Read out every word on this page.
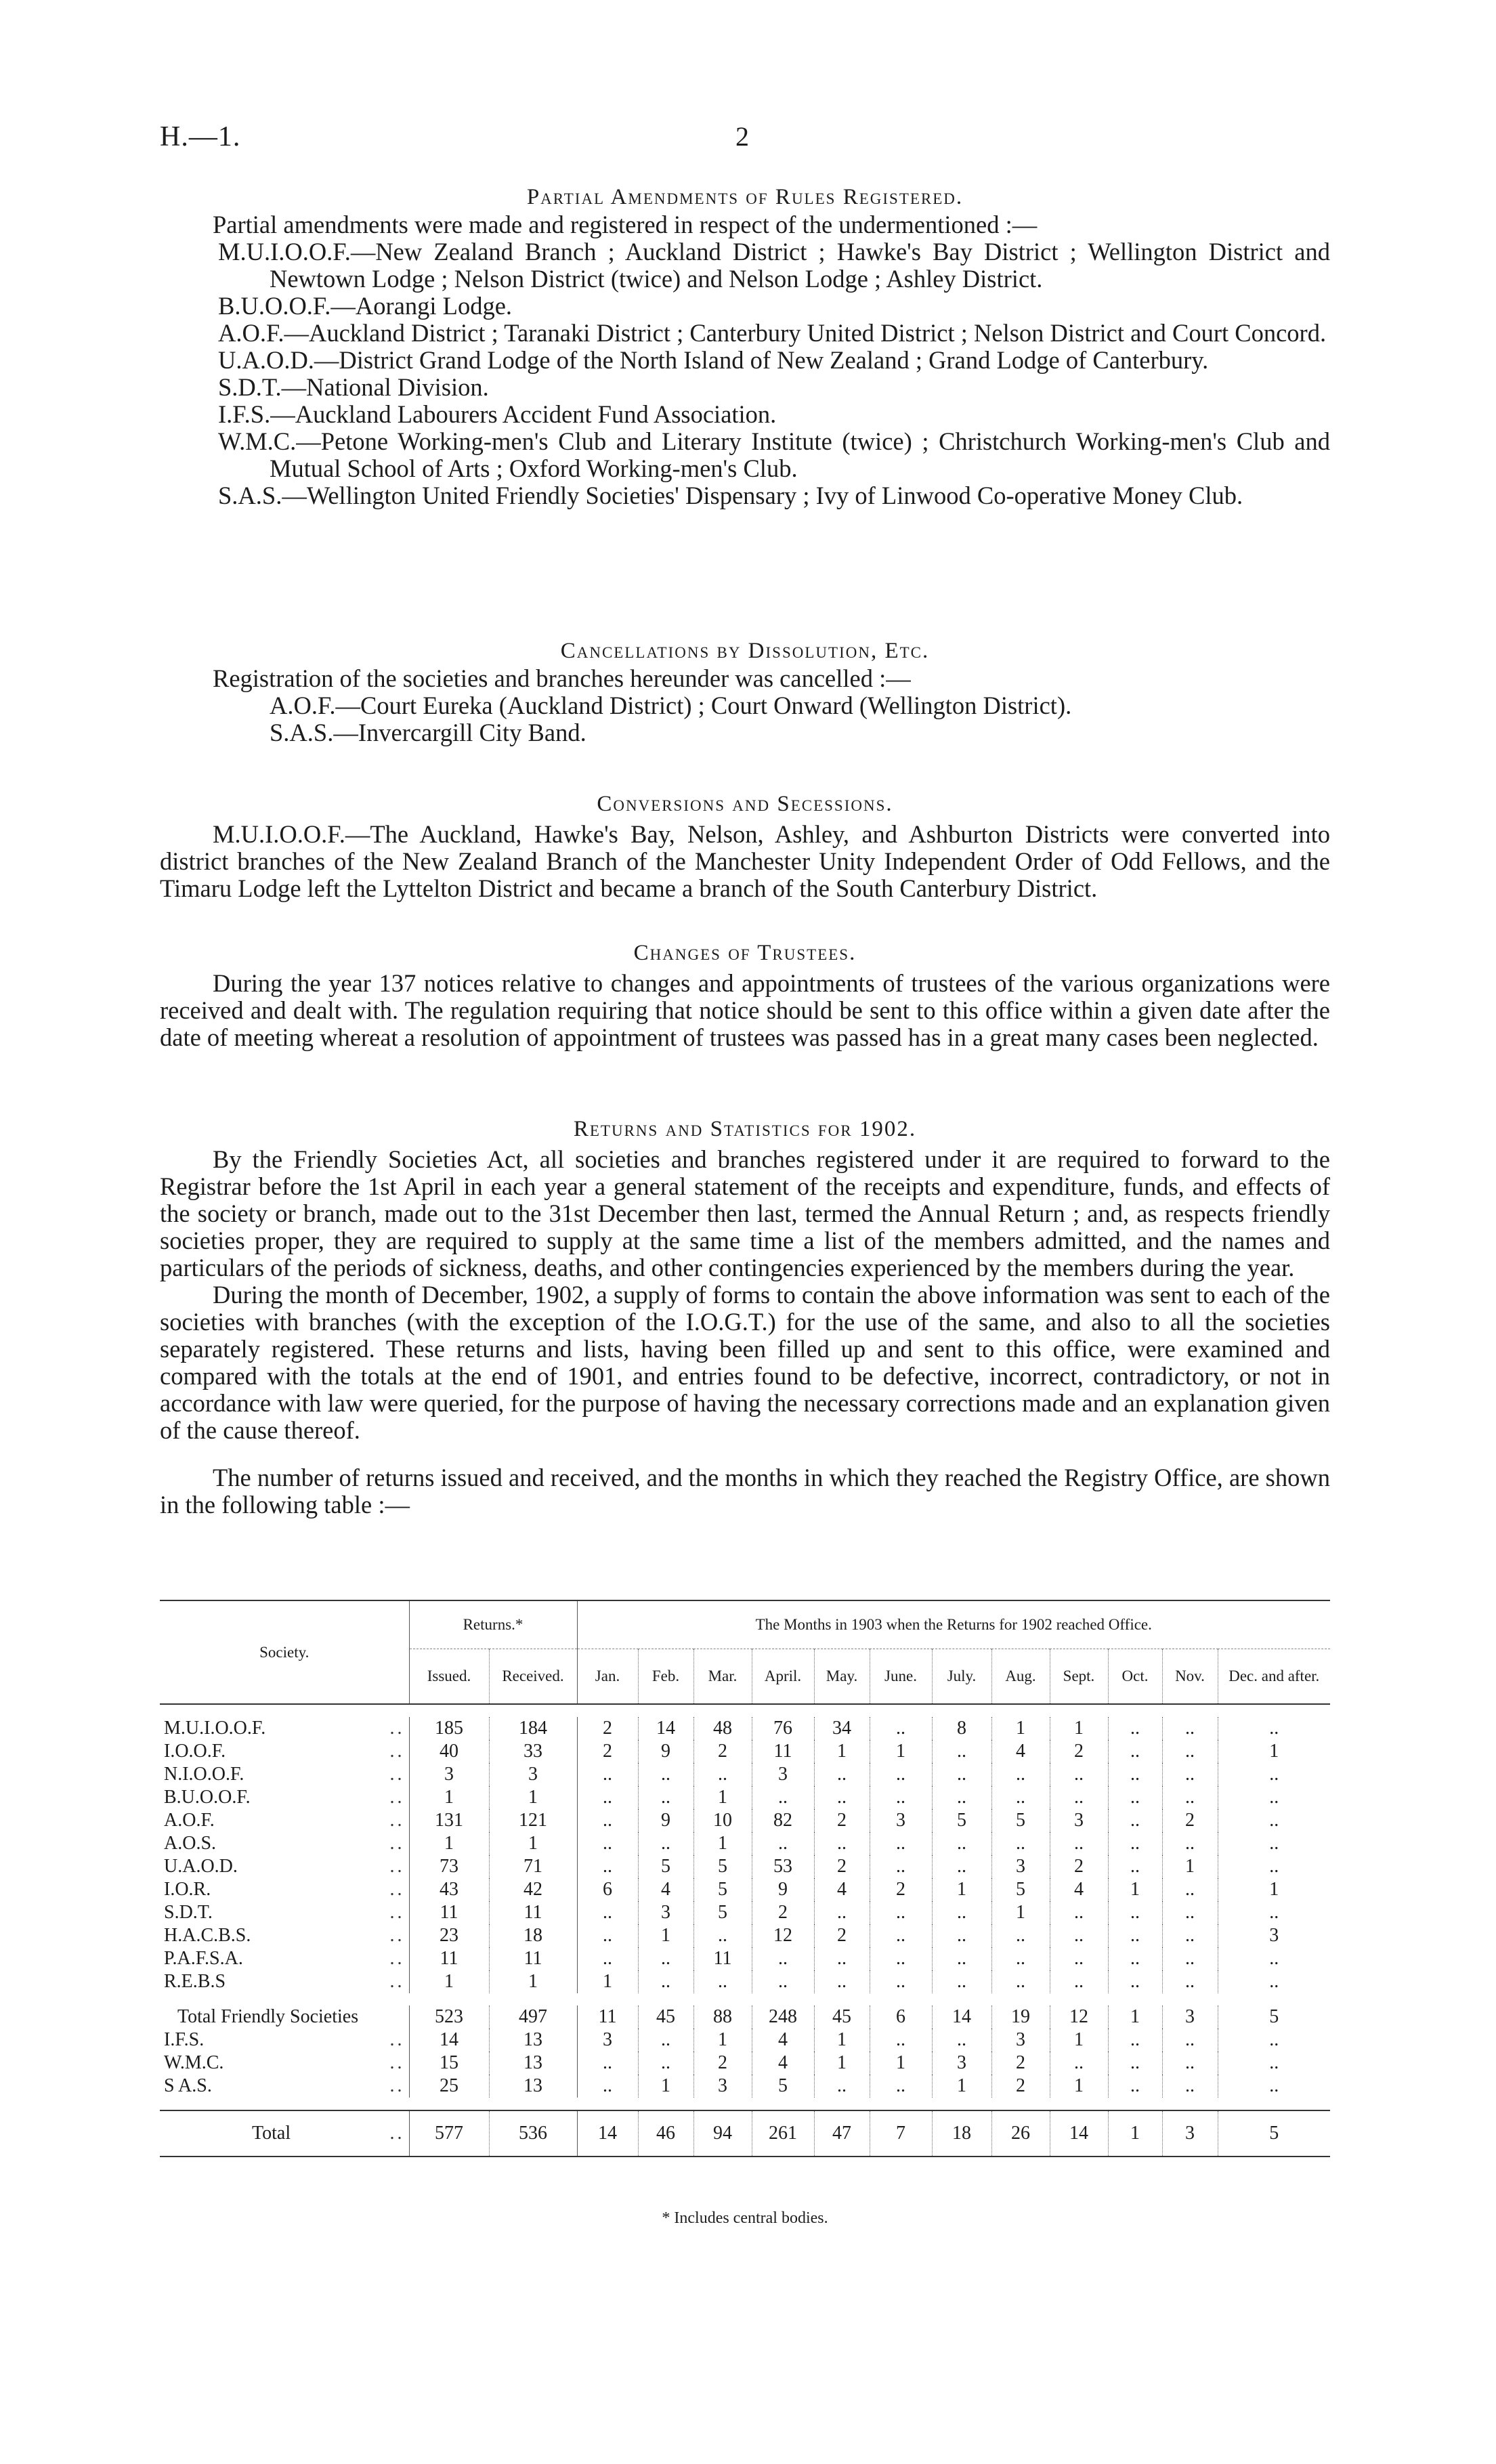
H.—1.	2
Partial Amendments of Rules Registered.

Partial amendments were made and registered in respect of the undermentioned :—

M.U.I.O.O.F.—New Zealand Branch ; Auckland District ; Hawke's Bay District ; Wellington District and Newtown Lodge ; Nelson District (twice) and Nelson Lodge ; Ashley District.

B.U.O.O.F.—Aorangi Lodge.

A.O.F.—Auckland District ; Taranaki District ; Canterbury United District ; Nelson District and Court Concord.

U.A.O.D.—District Grand Lodge of the North Island of New Zealand ; Grand Lodge of Canterbury.

S.D.T.—National Division.

I.F.S.—Auckland Labourers Accident Fund Association.

W.M.C.—Petone Working-men's Club and Literary Institute (twice) ; Christchurch Working-men's Club and Mutual School of Arts ; Oxford Working-men's Club.

S.A.S.—Wellington United Friendly Societies' Dispensary ; Ivy of Linwood Co-operative Money Club.

Cancellations by Dissolution, Etc.

Registration of the societies and branches hereunder was cancelled :—

A.O.F.—Court Eureka (Auckland District) ; Court Onward (Wellington District).

S.A.S.—Invercargill City Band.

Conversions and Secessions.

M.U.I.O.O.F.—The Auckland, Hawke's Bay, Nelson, Ashley, and Ashburton Districts were converted into district branches of the New Zealand Branch of the Manchester Unity Independent Order of Odd Fellows, and the Timaru Lodge left the Lyttelton District and became a branch of the South Canterbury District.

Changes of Trustees.

During the year 137 notices relative to changes and appointments of trustees of the various organizations were received and dealt with. The regulation requiring that notice should be sent to this office within a given date after the date of meeting whereat a resolution of appointment of trustees was passed has in a great many cases been neglected.

Returns and Statistics for 1902.

By the Friendly Societies Act, all societies and branches registered under it are required to forward to the Registrar before the 1st April in each year a general statement of the receipts and expenditure, funds, and effects of the society or branch, made out to the 31st December then last, termed the Annual Return ; and, as respects friendly societies proper, they are required to supply at the same time a list of the members admitted, and the names and particulars of the periods of sickness, deaths, and other contingencies experienced by the members during the year.

During the month of December, 1902, a supply of forms to contain the above information was sent to each of the societies with branches (with the exception of the I.O.G.T.) for the use of the same, and also to all the societies separately registered. These returns and lists, having been filled up and sent to this office, were examined and compared with the totals at the end of 1901, and entries found to be defective, incorrect, contradictory, or not in accordance with law were queried, for the purpose of having the necessary corrections made and an explanation given of the cause thereof.

The number of returns issued and received, and the months in which they reached the Registry Office, are shown in the following table :—

Society.	Returns.*		The Months in 1903 when the Returns for 1902 reached Office.											
	Issued.	Received.	Jan.	Feb.	Mar.	April.	May.	June.	July.	Aug.	Sept.	Oct.	Nov.	Dec. and after.

M.U.I.O.O.F. ..	185	184	2	14	48	76	34	..	8	1	1	..	..	..
I.O.O.F. ..	40	33	2	9	2	11	1	1	..	4	2	..	..	1
N.I.O.O.F. ..	3	3	..	..	..	3	..	..	..	..	..	..	..	..
B.U.O.O.F. ..	1	1	..	..	1	..	..	..	..	..	..	..	..	..
A.O.F. ..	131	121	..	9	10	82	2	3	5	5	3	..	2	..
A.O.S. ..	1	1	..	..	1	..	..	..	..	..	..	..	..	..
U.A.O.D. ..	73	71	..	5	5	53	2	..	..	3	2	..	1	..
I.O.R. ..	43	42	6	4	5	9	4	2	1	5	4	1	..	1
S.D.T. ..	11	11	..	3	5	2	..	..	..	1	..	..	..	..
H.A.C.B.S. ..	23	18	..	1	..	12	2	..	..	..	..	..	..	3
P.A.F.S.A. ..	11	11	..	..	11	..	..	..	..	..	..	..	..	..
R.E.B.S ..	1	1	1	..	..	..	..	..	..	..	..	..	..	..

Total Friendly Societies	523	497	11	45	88	248	45	6	14	19	12	1	3	5
I.F.S. ..	14	13	3	..	1	4	1	..	..	3	1	..	..	..
W.M.C. ..	15	13	..	..	2	4	1	1	3	2	..	..	..	..
S A.S. ..	25	13	..	1	3	5	..	..	1	2	1	..	..	..

Total ..	577	536	14	46	94	261	47	7	18	26	14	1	3	5
* Includes central bodies.
